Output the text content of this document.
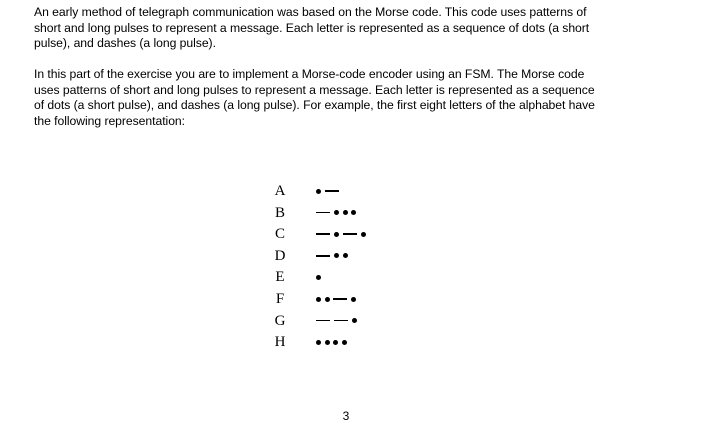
An early method of telegraph communication was based on the Morse code. This code uses patterns of
short and long pulses to represent a message. Each letter is represented as a sequence of dots (a short
pulse), and dashes (a long pulse).
In this part of the exercise you are to implement a Morse-code encoder using an FSM. The Morse code
uses patterns of short and long pulses to represent a message. Each letter is represented as a sequence
of dots (a short pulse), and dashes (a long pulse). For example, the first eight letters of the alphabet have
the following representation:
A
B
C
D
E
F
G
H
3
